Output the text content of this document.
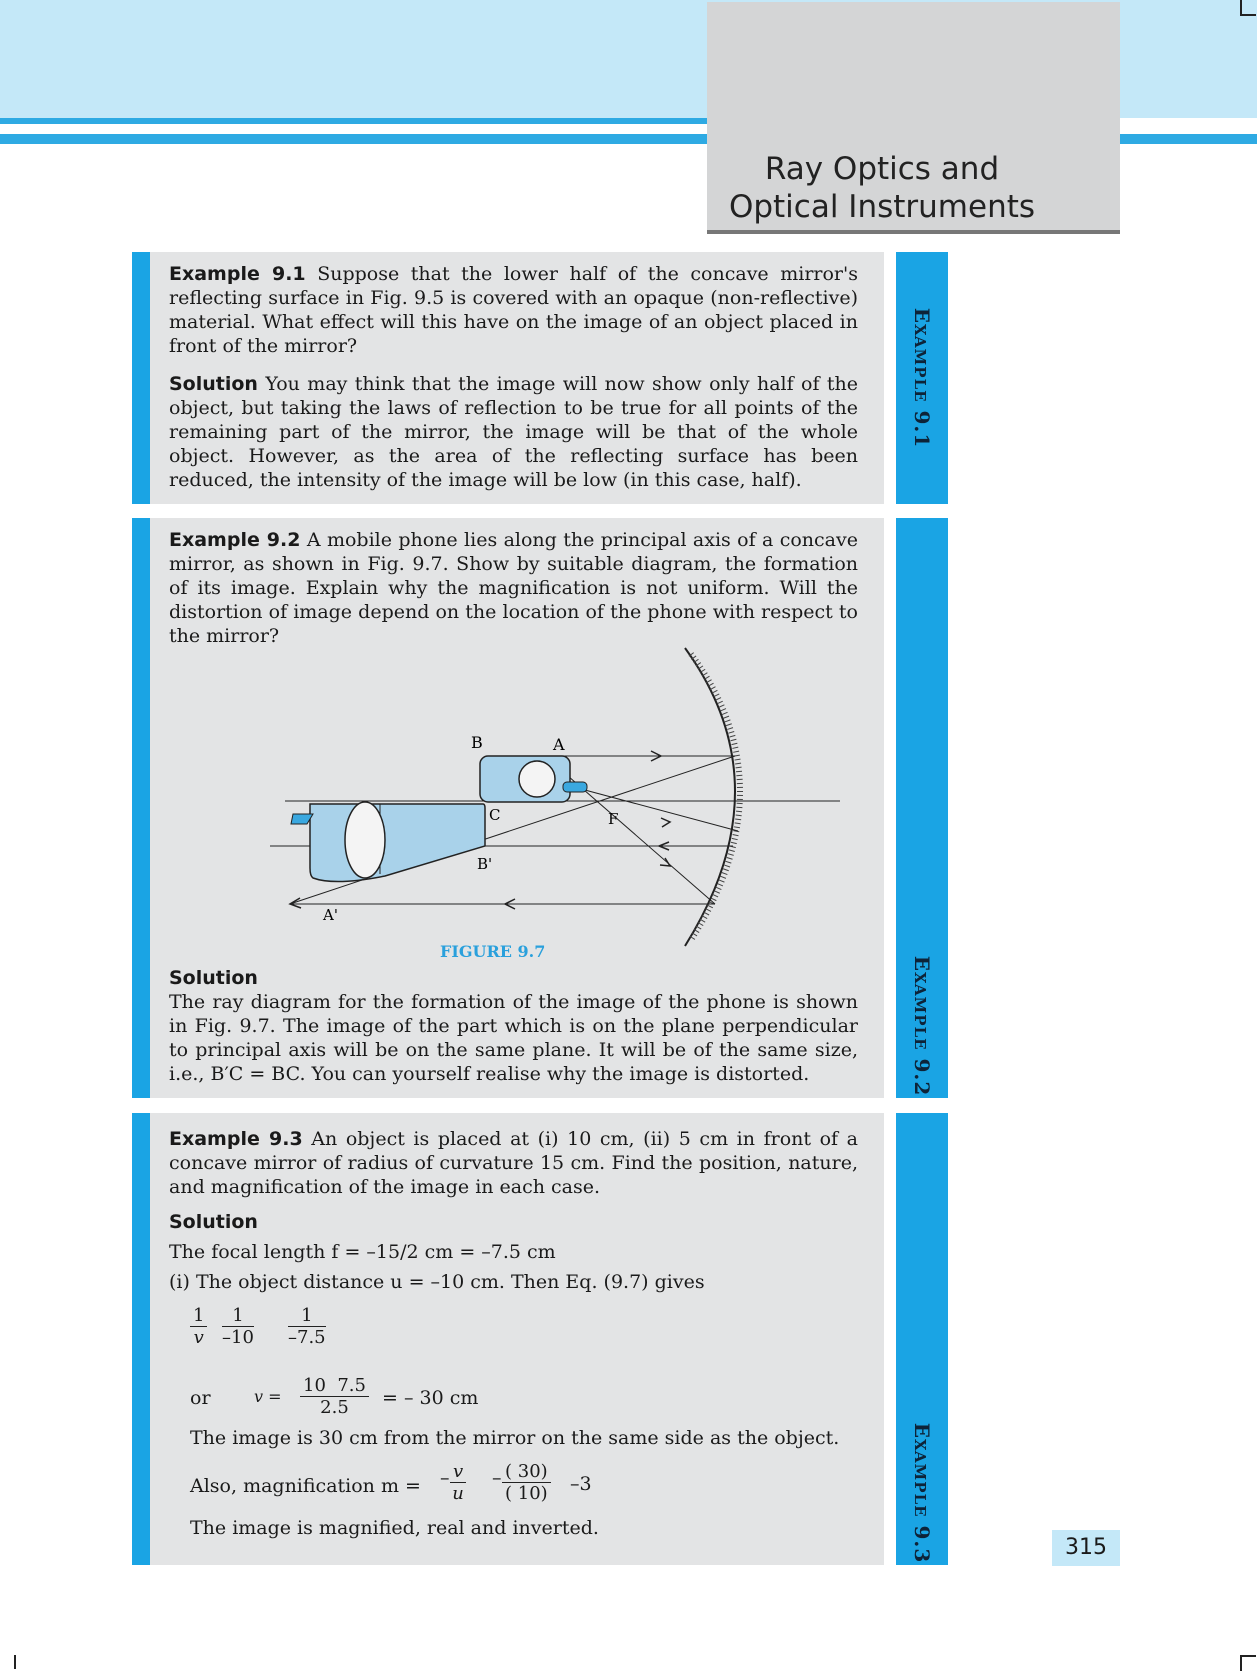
Ray Optics and
Optical Instruments

Example 9.1 Suppose that the lower half of the concave mirror's reflecting surface in Fig. 9.5 is covered with an opaque (non-reflective) material. What effect will this have on the image of an object placed in front of the mirror?

Solution You may think that the image will now show only half of the object, but taking the laws of reflection to be true for all points of the remaining part of the mirror, the image will be that of the whole object. However, as the area of the reflecting surface has been reduced, the intensity of the image will be low (in this case, half).

EXAMPLE 9.1

Example 9.2 A mobile phone lies along the principal axis of a concave mirror, as shown in Fig. 9.7. Show by suitable diagram, the formation of its image. Explain why the magnification is not uniform. Will the distortion of image depend on the location of the phone with respect to the mirror?

B	A
C	F
B'
A'
FIGURE 9.7

Solution
The ray diagram for the formation of the image of the phone is shown in Fig. 9.7. The image of the part which is on the plane perpendicular to principal axis will be on the same plane. It will be of the same size, i.e., B′C = BC. You can yourself realise why the image is distorted.

EXAMPLE 9.2

Example 9.3 An object is placed at (i) 10 cm, (ii) 5 cm in front of a concave mirror of radius of curvature 15 cm. Find the position, nature, and magnification of the image in each case.

Solution
The focal length f = –15/2 cm = –7.5 cm
(i) The object distance u = –10 cm. Then Eq. (9.7) gives
$\frac{1}{v} \frac{1}{-10} \frac{1}{-7.5}$
or	$v = \frac{10 7.5}{2.5}$ = – 30 cm
The image is 30 cm from the mirror on the same side as the object.
Also, magnification m = – $\frac{v}{u} - \frac{( 30)}{( 10)} -3$
The image is magnified, real and inverted.
EXAMPLE 9.3	315
